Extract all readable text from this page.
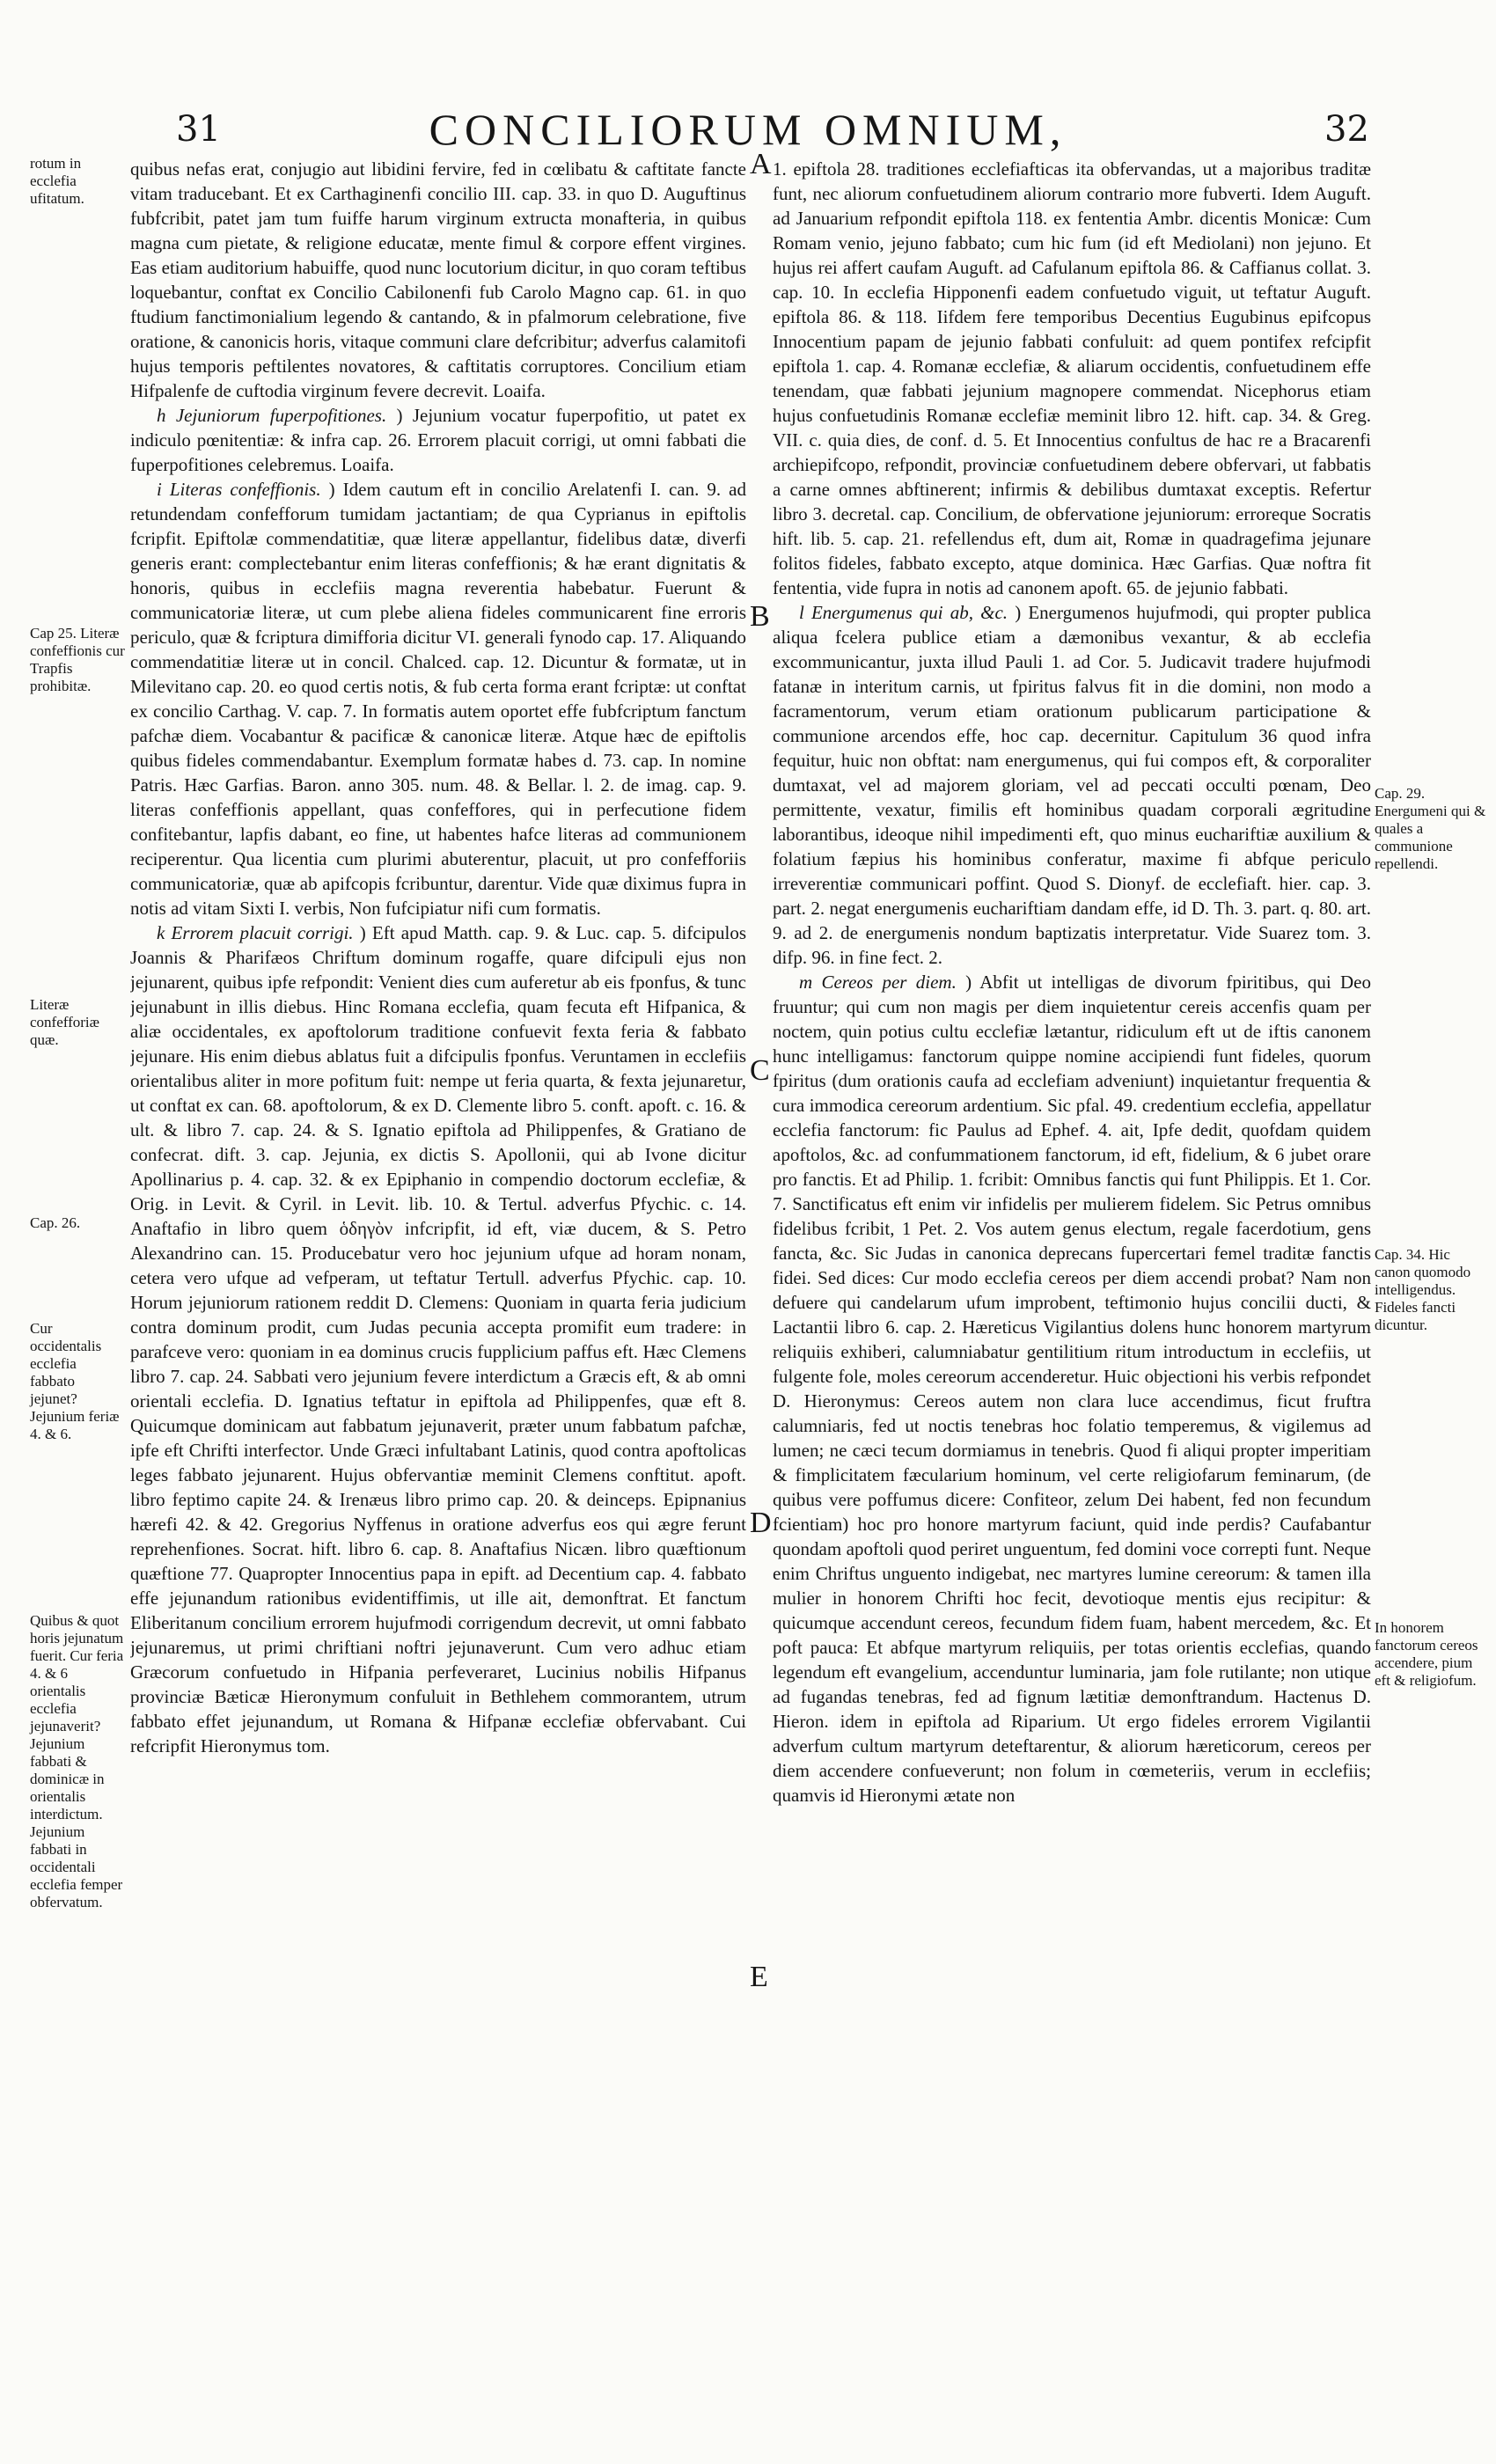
31	CONCILIORUM OMNIUM,	32
rotum in ecclefia ufitatum.
Cap 25. Literæ confeffionis cur Trapfis prohibitæ.
Literæ confefforiæ quæ.
Cap. 26.
Cur occidentalis ecclefia fabbato jejunet? Jejunium feriæ 4. & 6.
Quibus & quot horis jejunatum fuerit. Cur feria 4. & 6 orientalis ecclefia jejunaverit? Jejunium fabbati & dominicæ in orientalis interdictum. Jejunium fabbati in occidentali ecclefia femper obfervatum.
A
B
C
D
E

quibus nefas erat, conjugio aut libidini fervire, fed in cœlibatu & caftitate fancte vitam traducebant. Et ex Carthaginenfi concilio III. cap. 33. in quo D. Auguftinus fubfcribit, patet jam tum fuiffe harum virginum extructa monafteria, in quibus magna cum pietate, & religione educatæ, mente fimul & corpore effent virgines. Eas etiam auditorium habuiffe, quod nunc locutorium dicitur, in quo coram teftibus loquebantur, conftat ex Concilio Cabilonenfi fub Carolo Magno cap. 61. in quo ftudium fanctimonialium legendo & cantando, & in pfalmorum celebratione, five oratione, & canonicis horis, vitaque communi clare defcribitur; adverfus calamitofi hujus temporis peftilentes novatores, & caftitatis corruptores. Concilium etiam Hifpalenfe de cuftodia virginum fevere decrevit. Loaifa.

h Jejuniorum fuperpofitiones. ) Jejunium vocatur fuperpofitio, ut patet ex indiculo pœnitentiæ: & infra cap. 26. Errorem placuit corrigi, ut omni fabbati die fuperpofitiones celebremus. Loaifa.

i Literas confeffionis. ) Idem cautum eft in concilio Arelatenfi I. can. 9. ad retundendam confefforum tumidam jactantiam; de qua Cyprianus in epiftolis fcripfit. Epiftolæ commendatitiæ, quæ literæ appellantur, fidelibus datæ, diverfi generis erant: complectebantur enim literas confeffionis; & hæ erant dignitatis & honoris, quibus in ecclefiis magna reverentia habebatur. Fuerunt & communicatoriæ literæ, ut cum plebe aliena fideles communicarent fine erroris periculo, quæ & fcriptura dimifforia dicitur VI. generali fynodo cap. 17. Aliquando commendatitiæ literæ ut in concil. Chalced. cap. 12. Dicuntur & formatæ, ut in Milevitano cap. 20. eo quod certis notis, & fub certa forma erant fcriptæ: ut conftat ex concilio Carthag. V. cap. 7. In formatis autem oportet effe fubfcriptum fanctum pafchæ diem. Vocabantur & pacificæ & canonicæ literæ. Atque hæc de epiftolis quibus fideles commendabantur. Exemplum formatæ habes d. 73. cap. In nomine Patris. Hæc Garfias. Baron. anno 305. num. 48. & Bellar. l. 2. de imag. cap. 9. literas confeffionis appellant, quas confeffores, qui in perfecutione fidem confitebantur, lapfis dabant, eo fine, ut habentes hafce literas ad communionem reciperentur. Qua licentia cum plurimi abuterentur, placuit, ut pro confefforiis communicatoriæ, quæ ab apifcopis fcribuntur, darentur. Vide quæ diximus fupra in notis ad vitam Sixti I. verbis, Non fufcipiatur nifi cum formatis.

k Errorem placuit corrigi. ) Eft apud Matth. cap. 9. & Luc. cap. 5. difcipulos Joannis & Pharifæos Chriftum dominum rogaffe, quare difcipuli ejus non jejunarent, quibus ipfe refpondit: Venient dies cum auferetur ab eis fponfus, & tunc jejunabunt in illis diebus. Hinc Romana ecclefia, quam fecuta eft Hifpanica, & aliæ occidentales, ex apoftolorum traditione confuevit fexta feria & fabbato jejunare. His enim diebus ablatus fuit a difcipulis fponfus. Veruntamen in ecclefiis orientalibus aliter in more pofitum fuit: nempe ut feria quarta, & fexta jejunaretur, ut conftat ex can. 68. apoftolorum, & ex D. Clemente libro 5. conft. apoft. c. 16. & ult. & libro 7. cap. 24. & S. Ignatio epiftola ad Philippenfes, & Gratiano de confecrat. dift. 3. cap. Jejunia, ex dictis S. Apollonii, qui ab Ivone dicitur Apollinarius p. 4. cap. 32. & ex Epiphanio in compendio doctorum ecclefiæ, & Orig. in Levit. & Cyril. in Levit. lib. 10. & Tertul. adverfus Pfychic. c. 14. Anaftafio in libro quem ὁδηγὸν infcripfit, id eft, viæ ducem, & S. Petro Alexandrino can. 15. Producebatur vero hoc jejunium ufque ad horam nonam, cetera vero ufque ad vefperam, ut teftatur Tertull. adverfus Pfychic. cap. 10. Horum jejuniorum rationem reddit D. Clemens: Quoniam in quarta feria judicium contra dominum prodit, cum Judas pecunia accepta promifit eum tradere: in parafceve vero: quoniam in ea dominus crucis fupplicium paffus eft. Hæc Clemens libro 7. cap. 24. Sabbati vero jejunium fevere interdictum a Græcis eft, & ab omni orientali ecclefia. D. Ignatius teftatur in epiftola ad Philippenfes, quæ eft 8. Quicumque dominicam aut fabbatum jejunaverit, præter unum fabbatum pafchæ, ipfe eft Chrifti interfector. Unde Græci infultabant Latinis, quod contra apoftolicas leges fabbato jejunarent. Hujus obfervantiæ meminit Clemens conftitut. apoft. libro feptimo capite 24. & Irenæus libro primo cap. 20. & deinceps. Epipnanius hærefi 42. & 42. Gregorius Nyffenus in oratione adverfus eos qui ægre ferunt reprehenfiones. Socrat. hift. libro 6. cap. 8. Anaftafius Nicæn. libro quæftionum quæftione 77. Quapropter Innocentius papa in epift. ad Decentium cap. 4. fabbato effe jejunandum rationibus evidentiffimis, ut ille ait, demonftrat. Et fanctum Eliberitanum concilium errorem hujufmodi corrigendum decrevit, ut omni fabbato jejunaremus, ut primi chriftiani noftri jejunaverunt. Cum vero adhuc etiam Græcorum confuetudo in Hifpania perfeveraret, Lucinius nobilis Hifpanus provinciæ Bæticæ Hieronymum confuluit in Bethlehem commorantem, utrum fabbato effet jejunandum, ut Romana & Hifpanæ ecclefiæ obfervabant. Cui refcripfit Hieronymus tom.

1. epiftola 28. traditiones ecclefiafticas ita obfervandas, ut a majoribus traditæ funt, nec aliorum confuetudinem aliorum contrario more fubverti. Idem Auguft. ad Januarium refpondit epiftola 118. ex fententia Ambr. dicentis Monicæ: Cum Romam venio, jejuno fabbato; cum hic fum (id eft Mediolani) non jejuno. Et hujus rei affert caufam Auguft. ad Cafulanum epiftola 86. & Caffianus collat. 3. cap. 10. In ecclefia Hipponenfi eadem confuetudo viguit, ut teftatur Auguft. epiftola 86. & 118. Iifdem fere temporibus Decentius Eugubinus epifcopus Innocentium papam de jejunio fabbati confuluit: ad quem pontifex refcipfit epiftola 1. cap. 4. Romanæ ecclefiæ, & aliarum occidentis, confuetudinem effe tenendam, quæ fabbati jejunium magnopere commendat. Nicephorus etiam hujus confuetudinis Romanæ ecclefiæ meminit libro 12. hift. cap. 34. & Greg. VII. c. quia dies, de conf. d. 5. Et Innocentius confultus de hac re a Bracarenfi archiepifcopo, refpondit, provinciæ confuetudinem debere obfervari, ut fabbatis a carne omnes abftinerent; infirmis & debilibus dumtaxat exceptis. Refertur libro 3. decretal. cap. Concilium, de obfervatione jejuniorum: erroreque Socratis hift. lib. 5. cap. 21. refellendus eft, dum ait, Romæ in quadragefima jejunare folitos fideles, fabbato excepto, atque dominica. Hæc Garfias. Quæ noftra fit fententia, vide fupra in notis ad canonem apoft. 65. de jejunio fabbati.

l Energumenus qui ab, &c. ) Energumenos hujufmodi, qui propter publica aliqua fcelera publice etiam a dæmonibus vexantur, & ab ecclefia excommunicantur, juxta illud Pauli 1. ad Cor. 5. Judicavit tradere hujufmodi fatanæ in interitum carnis, ut fpiritus falvus fit in die domini, non modo a facramentorum, verum etiam orationum publicarum participatione & communione arcendos effe, hoc cap. decernitur. Capitulum 36 quod infra fequitur, huic non obftat: nam energumenus, qui fui compos eft, & corporaliter dumtaxat, vel ad majorem gloriam, vel ad peccati occulti pœnam, Deo permittente, vexatur, fimilis eft hominibus quadam corporali ægritudine laborantibus, ideoque nihil impedimenti eft, quo minus euchariftiæ auxilium & folatium fæpius his hominibus conferatur, maxime fi abfque periculo irreverentiæ communicari poffint. Quod S. Dionyf. de ecclefiaft. hier. cap. 3. part. 2. negat energumenis euchariftiam dandam effe, id D. Th. 3. part. q. 80. art. 9. ad 2. de energumenis nondum baptizatis interpretatur. Vide Suarez tom. 3. difp. 96. in fine fect. 2.

m Cereos per diem. ) Abfit ut intelligas de divorum fpiritibus, qui Deo fruuntur; qui cum non magis per diem inquietentur cereis accenfis quam per noctem, quin potius cultu ecclefiæ lætantur, ridiculum eft ut de iftis canonem hunc intelligamus: fanctorum quippe nomine accipiendi funt fideles, quorum fpiritus (dum orationis caufa ad ecclefiam adveniunt) inquietantur frequentia & cura immodica cereorum ardentium. Sic pfal. 49. credentium ecclefia, appellatur ecclefia fanctorum: fic Paulus ad Ephef. 4. ait, Ipfe dedit, quofdam quidem apoftolos, &c. ad confummationem fanctorum, id eft, fidelium, & 6 jubet orare pro fanctis. Et ad Philip. 1. fcribit: Omnibus fanctis qui funt Philippis. Et 1. Cor. 7. Sanctificatus eft enim vir infidelis per mulierem fidelem. Sic Petrus omnibus fidelibus fcribit, 1 Pet. 2. Vos autem genus electum, regale facerdotium, gens fancta, &c. Sic Judas in canonica deprecans fupercertari femel traditæ fanctis fidei. Sed dices: Cur modo ecclefia cereos per diem accendi probat? Nam non defuere qui candelarum ufum improbent, teftimonio hujus concilii ducti, & Lactantii libro 6. cap. 2. Hæreticus Vigilantius dolens hunc honorem martyrum reliquiis exhiberi, calumniabatur gentilitium ritum introductum in ecclefiis, ut fulgente fole, moles cereorum accenderetur. Huic objectioni his verbis refpondet D. Hieronymus: Cereos autem non clara luce accendimus, ficut fruftra calumniaris, fed ut noctis tenebras hoc folatio temperemus, & vigilemus ad lumen; ne cæci tecum dormiamus in tenebris. Quod fi aliqui propter imperitiam & fimplicitatem fæcularium hominum, vel certe religiofarum feminarum, (de quibus vere poffumus dicere: Confiteor, zelum Dei habent, fed non fecundum fcientiam) hoc pro honore martyrum faciunt, quid inde perdis? Caufabantur quondam apoftoli quod periret unguentum, fed domini voce correpti funt. Neque enim Chriftus unguento indigebat, nec martyres lumine cereorum: & tamen illa mulier in honorem Chrifti hoc fecit, devotioque mentis ejus recipitur: & quicumque accendunt cereos, fecundum fidem fuam, habent mercedem, &c. Et poft pauca: Et abfque martyrum reliquiis, per totas orientis ecclefias, quando legendum eft evangelium, accenduntur luminaria, jam fole rutilante; non utique ad fugandas tenebras, fed ad fignum lætitiæ demonftrandum. Hactenus D. Hieron. idem in epiftola ad Riparium. Ut ergo fideles errorem Vigilantii adverfum cultum martyrum deteftarentur, & aliorum hæreticorum, cereos per diem accendere confueverunt; non folum in cœmeteriis, verum in ecclefiis; quamvis id Hieronymi ætate non

Cap. 29. Energumeni qui & quales a communione repellendi.
Cap. 34. Hic canon quomodo intelligendus. Fideles fancti dicuntur.
In honorem fanctorum cereos accendere, pium eft & religiofum.
